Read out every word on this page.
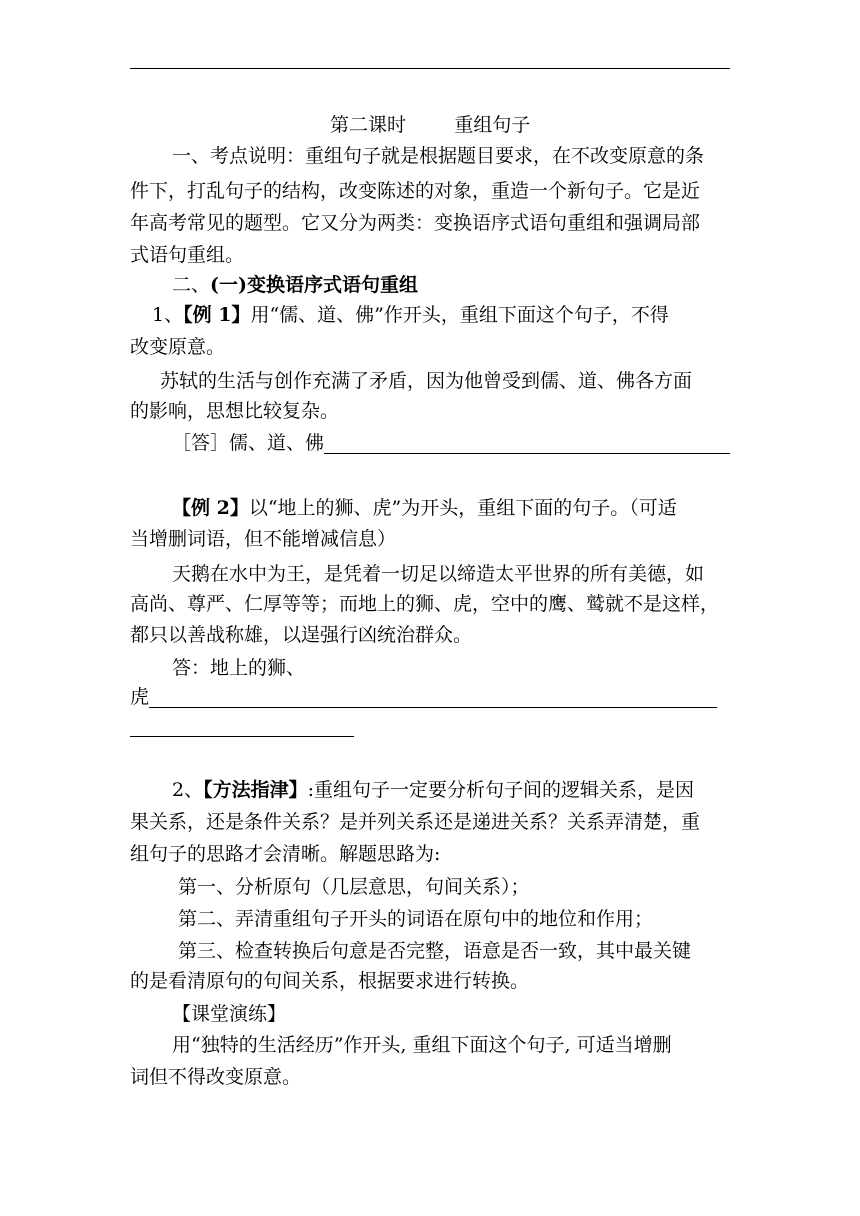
第二课时        重组句子
一、考点说明：重组句子就是根据题目要求，在不改变原意的条
件下，打乱句子的结构，改变陈述的对象，重造一个新句子。它是近
年高考常见的题型。它又分为两类：变换语序式语句重组和强调局部
式语句重组。
二、(一)变换语序式语句重组
1、【例 1】用“儒、道、佛”作开头，重组下面这个句子，不得
改变原意。
苏轼的生活与创作充满了矛盾，因为他曾受到儒、道、佛各方面
的影响，思想比较复杂。
［答］儒、道、佛
【例 2】以“地上的狮、虎”为开头，重组下面的句子。（可适
当增删词语，但不能增减信息）
天鹅在水中为王，是凭着一切足以缔造太平世界的所有美德，如
高尚、尊严、仁厚等等；而地上的狮、虎，空中的鹰、鹫就不是这样，
都只以善战称雄，以逞强行凶统治群众。
答：地上的狮、
虎
2、【方法指津】:重组句子一定要分析句子间的逻辑关系，是因
果关系，还是条件关系？是并列关系还是递进关系？关系弄清楚，重
组句子的思路才会清晰。解题思路为:
第一、分析原句（几层意思，句间关系）；
第二、弄清重组句子开头的词语在原句中的地位和作用；
第三、检查转换后句意是否完整，语意是否一致，其中最关键
的是看清原句的句间关系，根据要求进行转换。
【课堂演练】
用“独特的生活经历”作开头, 重组下面这个句子, 可适当增删
词但不得改变原意。
